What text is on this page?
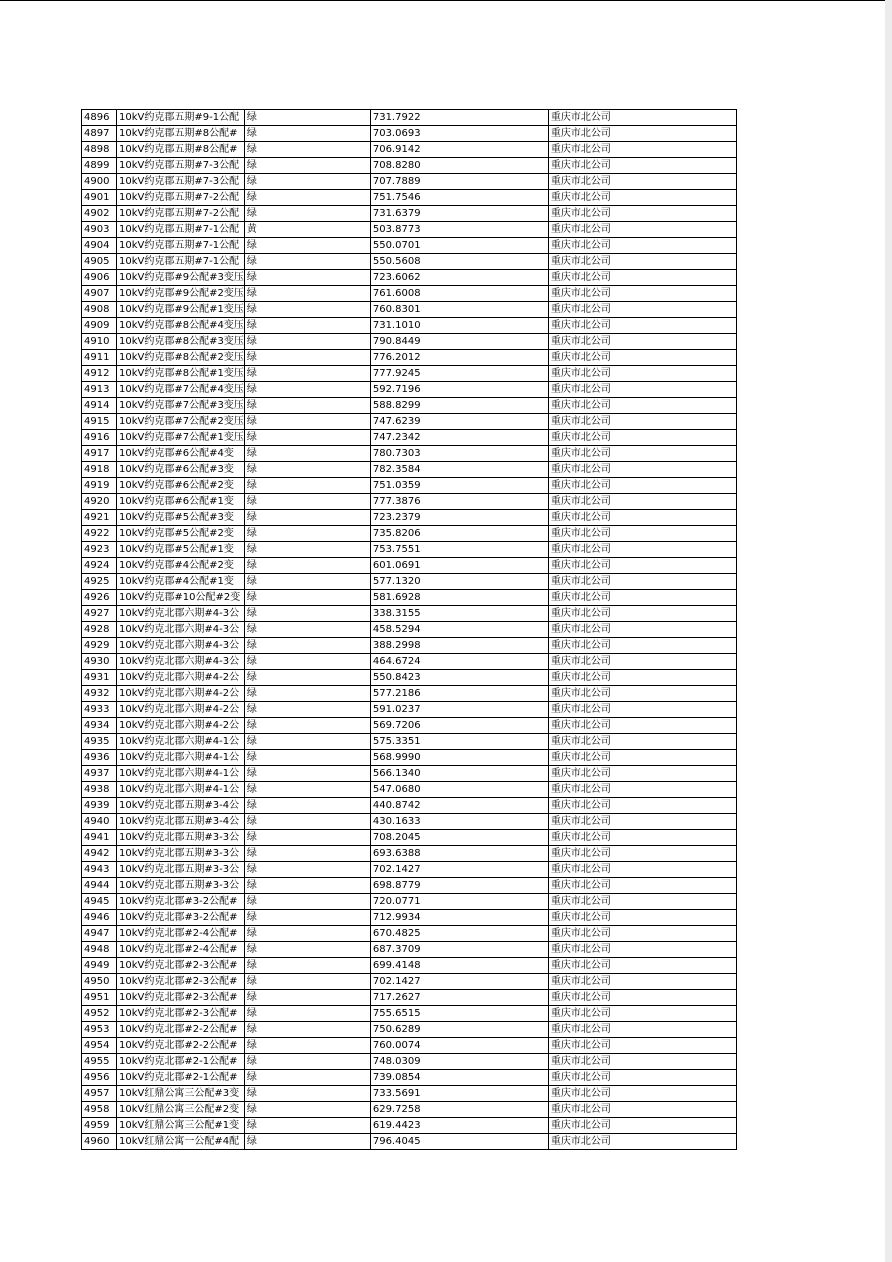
4896	10kV约克郡五期#9-1公配	绿	731.7922	重庆市北公司
4897	10kV约克郡五期#8公配#	绿	703.0693	重庆市北公司
4898	10kV约克郡五期#8公配#	绿	706.9142	重庆市北公司
4899	10kV约克郡五期#7-3公配	绿	708.8280	重庆市北公司
4900	10kV约克郡五期#7-3公配	绿	707.7889	重庆市北公司
4901	10kV约克郡五期#7-2公配	绿	751.7546	重庆市北公司
4902	10kV约克郡五期#7-2公配	绿	731.6379	重庆市北公司
4903	10kV约克郡五期#7-1公配	黄	503.8773	重庆市北公司
4904	10kV约克郡五期#7-1公配	绿	550.0701	重庆市北公司
4905	10kV约克郡五期#7-1公配	绿	550.5608	重庆市北公司
4906	10kV约克郡#9公配#3变压	绿	723.6062	重庆市北公司
4907	10kV约克郡#9公配#2变压	绿	761.6008	重庆市北公司
4908	10kV约克郡#9公配#1变压	绿	760.8301	重庆市北公司
4909	10kV约克郡#8公配#4变压	绿	731.1010	重庆市北公司
4910	10kV约克郡#8公配#3变压	绿	790.8449	重庆市北公司
4911	10kV约克郡#8公配#2变压	绿	776.2012	重庆市北公司
4912	10kV约克郡#8公配#1变压	绿	777.9245	重庆市北公司
4913	10kV约克郡#7公配#4变压	绿	592.7196	重庆市北公司
4914	10kV约克郡#7公配#3变压	绿	588.8299	重庆市北公司
4915	10kV约克郡#7公配#2变压	绿	747.6239	重庆市北公司
4916	10kV约克郡#7公配#1变压	绿	747.2342	重庆市北公司
4917	10kV约克郡#6公配#4变	绿	780.7303	重庆市北公司
4918	10kV约克郡#6公配#3变	绿	782.3584	重庆市北公司
4919	10kV约克郡#6公配#2变	绿	751.0359	重庆市北公司
4920	10kV约克郡#6公配#1变	绿	777.3876	重庆市北公司
4921	10kV约克郡#5公配#3变	绿	723.2379	重庆市北公司
4922	10kV约克郡#5公配#2变	绿	735.8206	重庆市北公司
4923	10kV约克郡#5公配#1变	绿	753.7551	重庆市北公司
4924	10kV约克郡#4公配#2变	绿	601.0691	重庆市北公司
4925	10kV约克郡#4公配#1变	绿	577.1320	重庆市北公司
4926	10kV约克郡#10公配#2变	绿	581.6928	重庆市北公司
4927	10kV约克北郡六期#4-3公	绿	338.3155	重庆市北公司
4928	10kV约克北郡六期#4-3公	绿	458.5294	重庆市北公司
4929	10kV约克北郡六期#4-3公	绿	388.2998	重庆市北公司
4930	10kV约克北郡六期#4-3公	绿	464.6724	重庆市北公司
4931	10kV约克北郡六期#4-2公	绿	550.8423	重庆市北公司
4932	10kV约克北郡六期#4-2公	绿	577.2186	重庆市北公司
4933	10kV约克北郡六期#4-2公	绿	591.0237	重庆市北公司
4934	10kV约克北郡六期#4-2公	绿	569.7206	重庆市北公司
4935	10kV约克北郡六期#4-1公	绿	575.3351	重庆市北公司
4936	10kV约克北郡六期#4-1公	绿	568.9990	重庆市北公司
4937	10kV约克北郡六期#4-1公	绿	566.1340	重庆市北公司
4938	10kV约克北郡六期#4-1公	绿	547.0680	重庆市北公司
4939	10kV约克北郡五期#3-4公	绿	440.8742	重庆市北公司
4940	10kV约克北郡五期#3-4公	绿	430.1633	重庆市北公司
4941	10kV约克北郡五期#3-3公	绿	708.2045	重庆市北公司
4942	10kV约克北郡五期#3-3公	绿	693.6388	重庆市北公司
4943	10kV约克北郡五期#3-3公	绿	702.1427	重庆市北公司
4944	10kV约克北郡五期#3-3公	绿	698.8779	重庆市北公司
4945	10kV约克北郡#3-2公配#	绿	720.0771	重庆市北公司
4946	10kV约克北郡#3-2公配#	绿	712.9934	重庆市北公司
4947	10kV约克北郡#2-4公配#	绿	670.4825	重庆市北公司
4948	10kV约克北郡#2-4公配#	绿	687.3709	重庆市北公司
4949	10kV约克北郡#2-3公配#	绿	699.4148	重庆市北公司
4950	10kV约克北郡#2-3公配#	绿	702.1427	重庆市北公司
4951	10kV约克北郡#2-3公配#	绿	717.2627	重庆市北公司
4952	10kV约克北郡#2-3公配#	绿	755.6515	重庆市北公司
4953	10kV约克北郡#2-2公配#	绿	750.6289	重庆市北公司
4954	10kV约克北郡#2-2公配#	绿	760.0074	重庆市北公司
4955	10kV约克北郡#2-1公配#	绿	748.0309	重庆市北公司
4956	10kV约克北郡#2-1公配#	绿	739.0854	重庆市北公司
4957	10kV红鼎公寓三公配#3变	绿	733.5691	重庆市北公司
4958	10kV红鼎公寓三公配#2变	绿	629.7258	重庆市北公司
4959	10kV红鼎公寓三公配#1变	绿	619.4423	重庆市北公司
4960	10kV红鼎公寓一公配#4配	绿	796.4045	重庆市北公司
